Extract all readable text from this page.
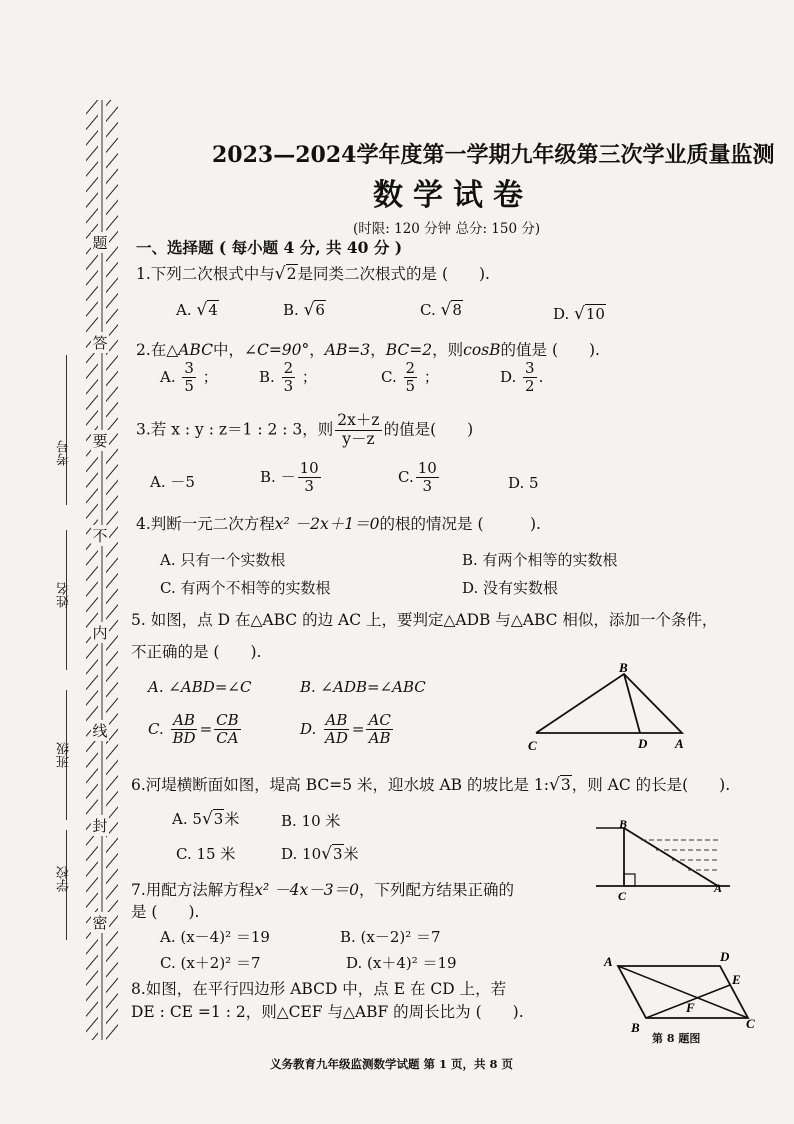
题
答
要
不
内
线
封
密
考号
姓名
班级
学校
2023—2024学年度第一学期九年级第三次学业质量监测
数学试卷
(时限: 120 分钟 总分: 150 分)
一、选择题 ( 每小题 4 分, 共 40 分 )
1.下列二次根式中与√2是同类二次根式的是 (　　).
A. √4	B. √6	C. √8	D. √10
2.在△ABC中，∠C=90°，AB=3，BC=2，则cosB的值是 (　　).
A. $\frac{3}{5}$ ；	B. $\frac{2}{3}$ ；	C. $\frac{2}{5}$ ；	D. $\frac{3}{2}$ .
3.若 x : y : z＝1 : 2 : 3，则 $\frac{2x+z}{y-z}$ 的值是(　　)
A. －5	B. － $\frac{10}{3}$	C. $\frac{10}{3}$	D. 5
4.判断一元二次方程x² －2x＋1＝0的根的情况是 (　　　).
A. 只有一个实数根	B. 有两个相等的实数根
C. 有两个不相等的实数根	D. 没有实数根
5. 如图，点 D 在△ABC 的边 AC 上，要判定△ADB 与△ABC 相似，添加一个条件，
不正确的是 (　　).
A. ∠ABD=∠C	B. ∠ADB=∠ABC
C. $\frac{AB}{BD} = \frac{CB}{CA}$	D. $\frac{AB}{AD} = \frac{AC}{AB}$
B
C	D A
6.河堤横断面如图，堤高 BC=5 米，迎水坡 AB 的坡比是 1:√3，则 AC 的长是(　　).
A. 5√3米	B. 10 米
C. 15 米	D. 10√3米
B
C
A
7.用配方法解方程x² －4x－3＝0，下列配方结果正确的
是 (　　).
A. (x－4)² ＝19	B. (x－2)² ＝7
C. (x＋2)² ＝7	D. (x＋4)² ＝19
8.如图，在平行四边形 ABCD 中，点 E 在 CD 上，若
DE : CE =1 : 2，则△CEF 与△ABF 的周长比为 (　　).
A	D
E
F
B	C
第 8 题图
义务教育九年级监测数学试题 第 1 页，共 8 页
